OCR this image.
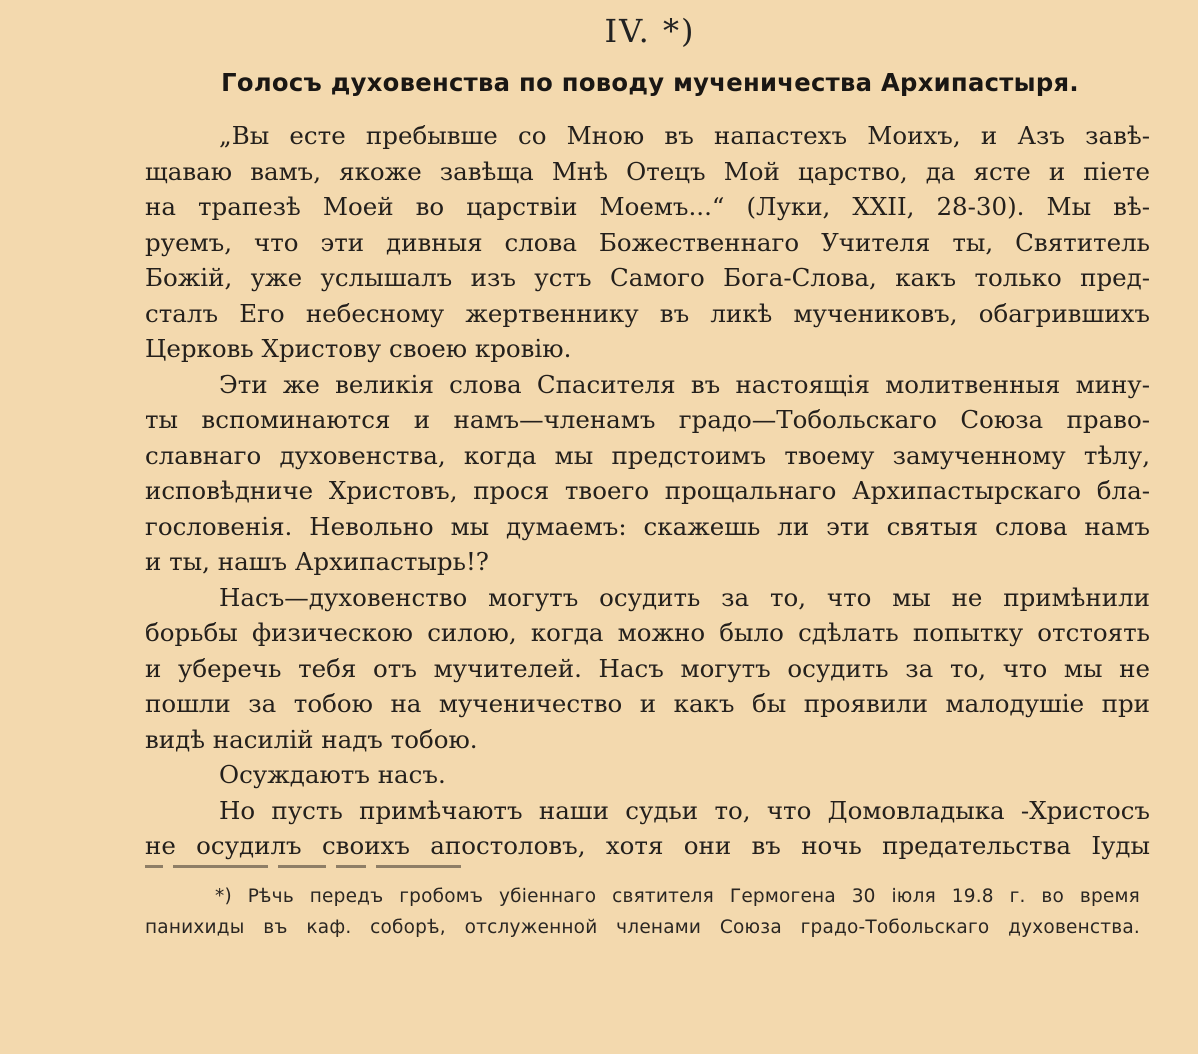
IV. *)
Голосъ духовенства по поводу мученичества Архипастыря.
„Вы есте пребывше со Мною въ напастехъ Моихъ, и Азъ завѣ-
щаваю вамъ, якоже завѣща Мнѣ Отецъ Мой царство, да ясте и піете
на трапезѣ Моей во царствіи Моемъ...“ (Луки, XXII, 28-30). Мы вѣ-
руемъ, что эти дивныя слова Божественнаго Учителя ты, Святитель
Божій, уже услышалъ изъ устъ Самого Бога-Слова, какъ только пред-
сталъ Его небесному жертвеннику въ ликѣ мучениковъ, обагрившихъ
Церковь Христову своею кровію.
Эти же великія слова Спасителя въ настоящія молитвенныя мину-
ты вспоминаются и намъ—членамъ градо—Тобольскаго Союза право-
славнаго духовенства, когда мы предстоимъ твоему замученному тѣлу,
исповѣдниче Христовъ, прося твоего прощальнаго Архипастырскаго бла-
гословенія. Невольно мы думаемъ: скажешь ли эти святыя слова намъ
и ты, нашъ Архипастырь!?
Насъ—духовенство могутъ осудить за то, что мы не примѣнили
борьбы физическою силою, когда можно было сдѣлать попытку отстоять
и уберечь тебя отъ мучителей. Насъ могутъ осудить за то, что мы не
пошли за тобою на мученичество и какъ бы проявили малодушіе при
видѣ насилій надъ тобою.
Осуждаютъ насъ.
Но пусть примѣчаютъ наши судьи то, что Домовладыка -Христосъ
не осудилъ своихъ апостоловъ, хотя они въ ночь предательства Іуды
*) Рѣчь передъ гробомъ убіеннаго святителя Гермогена 30 іюля 19.8 г. во время
панихиды въ каф. соборѣ, отслуженной членами Союза градо-Тобольскаго духовенства.
